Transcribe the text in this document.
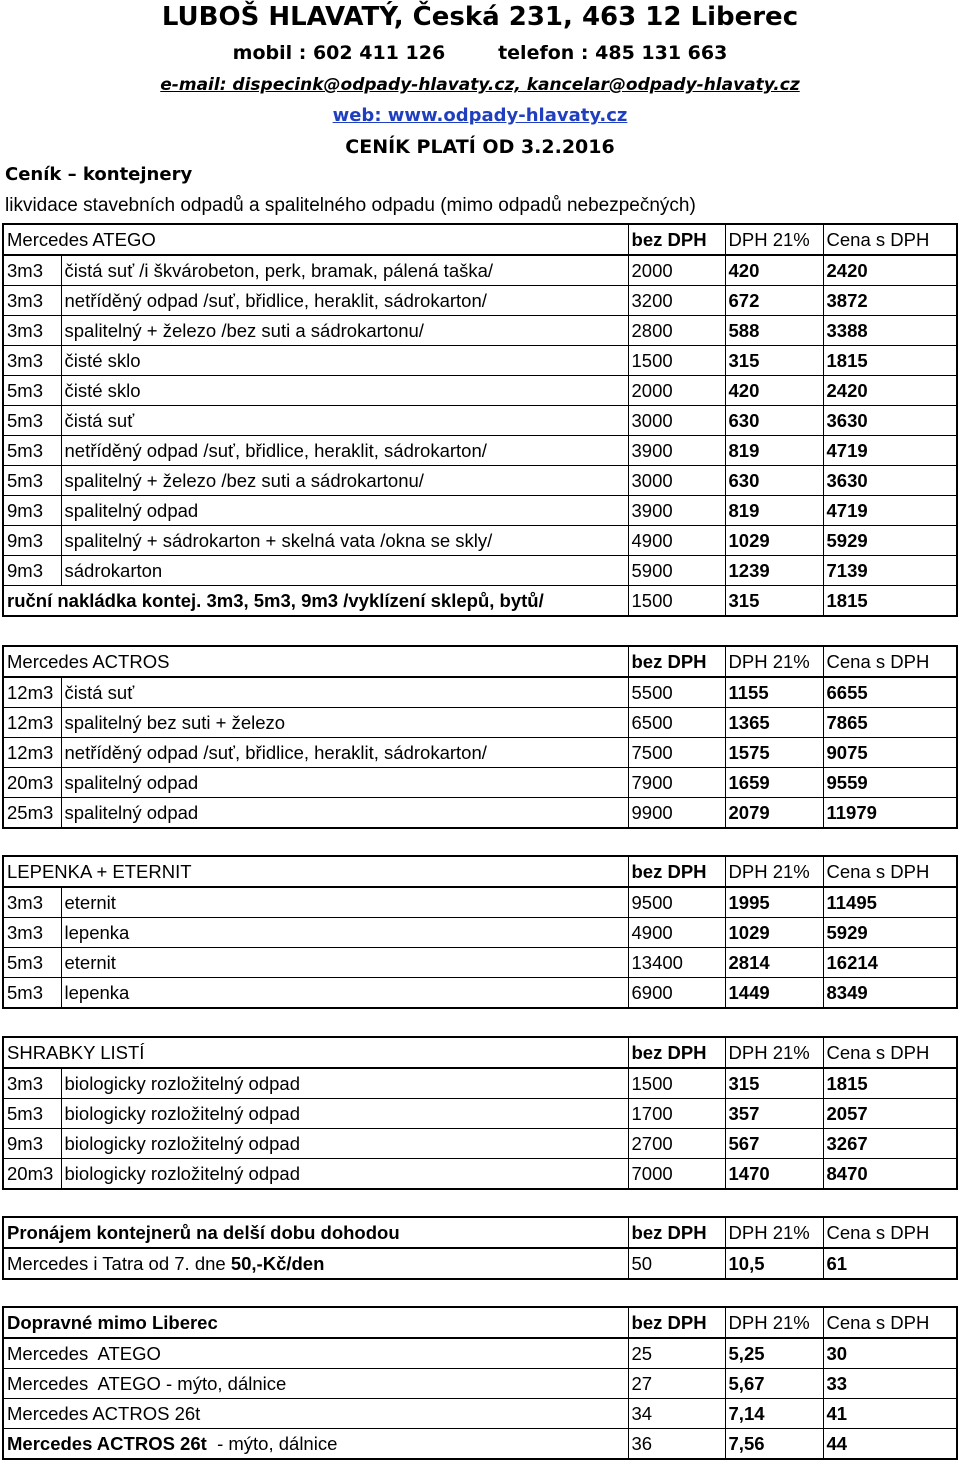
LUBOŠ HLAVATÝ, Česká 231, 463 12 Liberec
mobil : 602 411 126        telefon : 485 131 663
e-mail: dispecink@odpady-hlavaty.cz, kancelar@odpady-hlavaty.cz
web: www.odpady-hlavaty.cz
CENÍK PLATÍ OD 3.2.2016
Ceník – kontejnery
likvidace stavebních odpadů a spalitelného odpadu (mimo odpadů nebezpečných)
Mercedes ATEGO		bez DPH	DPH 21%	Cena s DPH
3m3	čistá suť /i škvárobeton, perk, bramak, pálená taška/	2000	420	2420
3m3	netříděný odpad /suť, břidlice, heraklit, sádrokarton/	3200	672	3872
3m3	spalitelný + železo /bez suti a sádrokartonu/	2800	588	3388
3m3	čisté sklo	1500	315	1815
5m3	čisté sklo	2000	420	2420
5m3	čistá suť	3000	630	3630
5m3	netříděný odpad /suť, břidlice, heraklit, sádrokarton/	3900	819	4719
5m3	spalitelný + železo /bez suti a sádrokartonu/	3000	630	3630
9m3	spalitelný odpad	3900	819	4719
9m3	spalitelný + sádrokarton + skelná vata /okna se skly/	4900	1029	5929
9m3	sádrokarton	5900	1239	7139
ruční nakládka kontej. 3m3, 5m3, 9m3 /vyklízení sklepů, bytů/		1500	315	1815
Mercedes ACTROS		bez DPH	DPH 21%	Cena s DPH
12m3	čistá suť	5500	1155	6655
12m3	spalitelný bez suti + železo	6500	1365	7865
12m3	netříděný odpad /suť, břidlice, heraklit, sádrokarton/	7500	1575	9075
20m3	spalitelný odpad	7900	1659	9559
25m3	spalitelný odpad	9900	2079	11979
LEPENKA + ETERNIT		bez DPH	DPH 21%	Cena s DPH
3m3	eternit	9500	1995	11495
3m3	lepenka	4900	1029	5929
5m3	eternit	13400	2814	16214
5m3	lepenka	6900	1449	8349
SHRABKY LISTÍ		bez DPH	DPH 21%	Cena s DPH
3m3	biologicky rozložitelný odpad	1500	315	1815
5m3	biologicky rozložitelný odpad	1700	357	2057
9m3	biologicky rozložitelný odpad	2700	567	3267
20m3	biologicky rozložitelný odpad	7000	1470	8470
Pronájem kontejnerů na delší dobu dohodou	bez DPH	DPH 21%	Cena s DPH
Mercedes i Tatra od 7. dne 50,-Kč/den	50	10,5	61
Dopravné mimo Liberec	bez DPH	DPH 21%	Cena s DPH
Mercedes  ATEGO	25	5,25	30
Mercedes  ATEGO - mýto, dálnice	27	5,67	33
Mercedes ACTROS 26t	34	7,14	41
Mercedes ACTROS 26t  - mýto, dálnice	36	7,56	44
